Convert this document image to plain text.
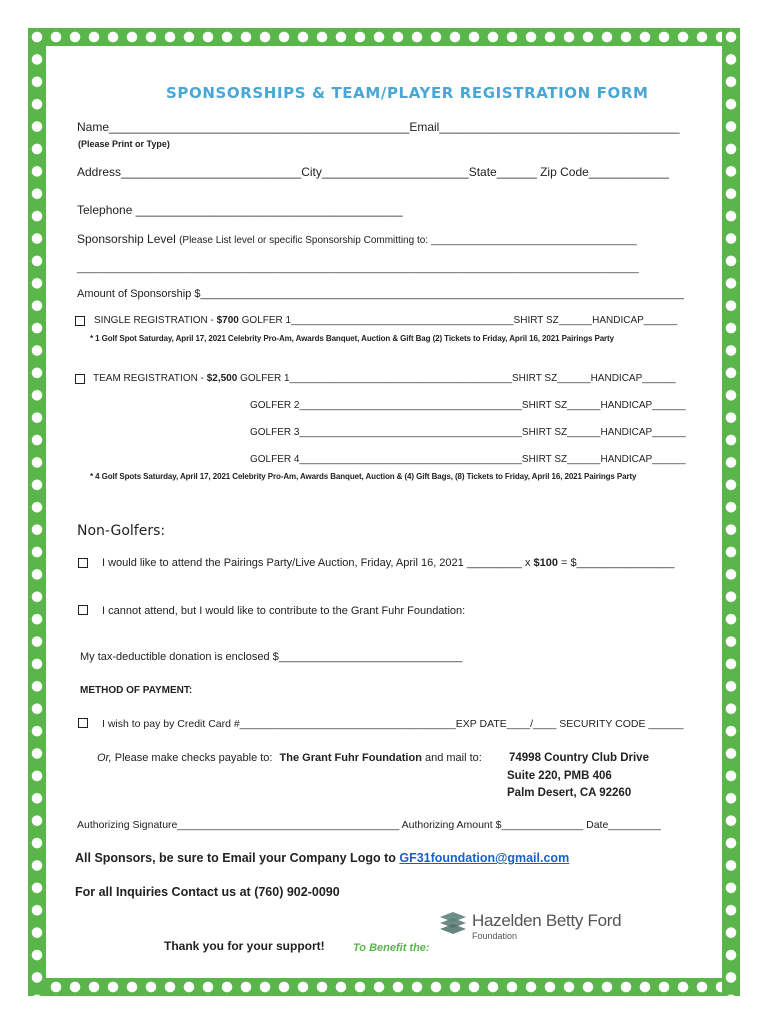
SPONSORSHIPS & TEAM/PLAYER REGISTRATION FORM
Name_____________________________________________Email____________________________________
(Please Print or Type)
Address___________________________City______________________State______ Zip Code____________
Telephone ________________________________________
Sponsorship Level (Please List level or specific Sponsorship Committing to: _____________________________________
_____________________________________________________________________________________________________
Amount of Sponsorship $_______________________________________________________________________________
SINGLE REGISTRATION - $700 GOLFER 1________________________________________SHIRT SZ______HANDICAP______
* 1 Golf Spot Saturday, April 17, 2021 Celebrity Pro-Am, Awards Banquet, Auction & Gift Bag (2) Tickets to Friday, April 16, 2021 Pairings Party
TEAM REGISTRATION - $2,500 GOLFER 1________________________________________SHIRT SZ______HANDICAP______
GOLFER 2________________________________________SHIRT SZ______HANDICAP______
GOLFER 3________________________________________SHIRT SZ______HANDICAP______
GOLFER 4________________________________________SHIRT SZ______HANDICAP______
* 4 Golf Spots Saturday, April 17, 2021 Celebrity Pro-Am, Awards Banquet, Auction & (4) Gift Bags, (8) Tickets to Friday, April 16, 2021 Pairings Party
Non-Golfers:
I would like to attend the Pairings Party/Live Auction, Friday, April 16, 2021 _________ x $100 = $________________
I cannot attend, but I would like to contribute to the Grant Fuhr Foundation:
My tax-deductible donation is enclosed $______________________________
METHOD OF PAYMENT:
I wish to pay by Credit Card #_____________________________________EXP DATE____/____ SECURITY CODE ______
Or, Please make checks payable to: The Grant Fuhr Foundation and mail to: 74998 Country Club Drive
Suite 220, PMB 406
Palm Desert, CA 92260
Authorizing Signature______________________________________ Authorizing Amount $______________ Date_________
All Sponsors, be sure to Email your Company Logo to GF31foundation@gmail.com
For all Inquiries Contact us at (760) 902-0090
Thank you for your support!	To Benefit the:
Hazelden Betty Ford
Foundation
